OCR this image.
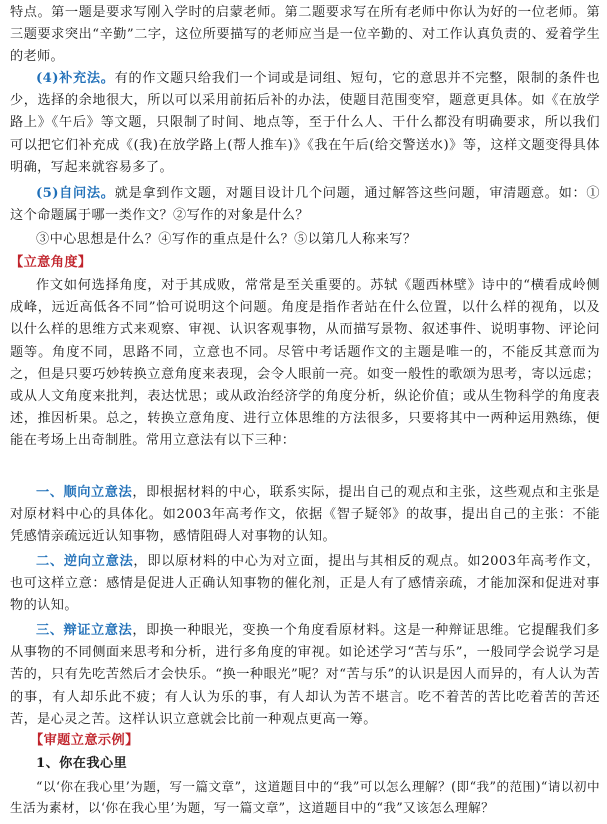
特点。第一题是要求写刚入学时的启蒙老师。第二题要求写在所有老师中你认为好的一位老师。第三题要求突出“辛勤”二字，这位所要描写的老师应当是一位辛勤的、对工作认真负责的、爱着学生的老师。

(4)补充法。有的作文题只给我们一个词或是词组、短句，它的意思并不完整，限制的条件也少，选择的余地很大，所以可以采用前拓后补的办法，使题目范围变窄，题意更具体。如《在放学路上》《午后》等文题，只限制了时间、地点等，至于什么人、干什么都没有明确要求，所以我们可以把它们补充成《(我)在放学路上(帮人推车)》《我在午后(给交警送水)》等，这样文题变得具体明确，写起来就容易多了。

(5)自问法。就是拿到作文题，对题目设计几个问题，通过解答这些问题，审清题意。如：①这个命题属于哪一类作文？②写作的对象是什么？

③中心思想是什么？④写作的重点是什么？⑤以第几人称来写？

【立意角度】

作文如何选择角度，对于其成败，常常是至关重要的。苏轼《题西林壁》诗中的“横看成岭侧成峰，远近高低各不同”恰可说明这个问题。角度是指作者站在什么位置，以什么样的视角，以及以什么样的思维方式来观察、审视、认识客观事物，从而描写景物、叙述事件、说明事物、评论问题等。角度不同，思路不同，立意也不同。尽管中考话题作文的主题是唯一的，不能反其意而为之，但是只要巧妙转换立意角度来表现，会令人眼前一亮。如变一般性的歌颂为思考，寄以远虑；或从人文角度来批判，表达忧思；或从政治经济学的角度分析，纵论价值；或从生物科学的角度表述，推因析果。总之，转换立意角度、进行立体思维的方法很多，只要将其中一两种运用熟练，便能在考场上出奇制胜。常用立意法有以下三种：

一、顺向立意法，即根据材料的中心，联系实际，提出自己的观点和主张，这些观点和主张是对原材料中心的具体化。如2003年高考作文，依据《智子疑邻》的故事，提出自己的主张：不能凭感情亲疏远近认知事物，感情阻碍人对事物的认知。

二、逆向立意法，即以原材料的中心为对立面，提出与其相反的观点。如2003年高考作文，也可这样立意：感情是促进人正确认知事物的催化剂，正是人有了感情亲疏，才能加深和促进对事物的认知。

三、辩证立意法，即换一种眼光，变换一个角度看原材料。这是一种辩证思维。它提醒我们多从事物的不同侧面来思考和分析，进行多角度的审视。如论述学习“苦与乐”，一般同学会说学习是苦的，只有先吃苦然后才会快乐。“换一种眼光”呢？对“苦与乐”的认识是因人而异的，有人认为苦的事，有人却乐此不疲；有人认为乐的事，有人却认为苦不堪言。吃不着苦的苦比吃着苦的苦还苦，是心灵之苦。这样认识立意就会比前一种观点更高一筹。

【审题立意示例】

1、你在我心里

“以‘你在我心里’为题，写一篇文章”，这道题目中的“我”可以怎么理解？(即“我”的范围)“请以初中生活为素材，以‘你在我心里’为题，写一篇文章”，这道题目中的“我”又该怎么理解？
